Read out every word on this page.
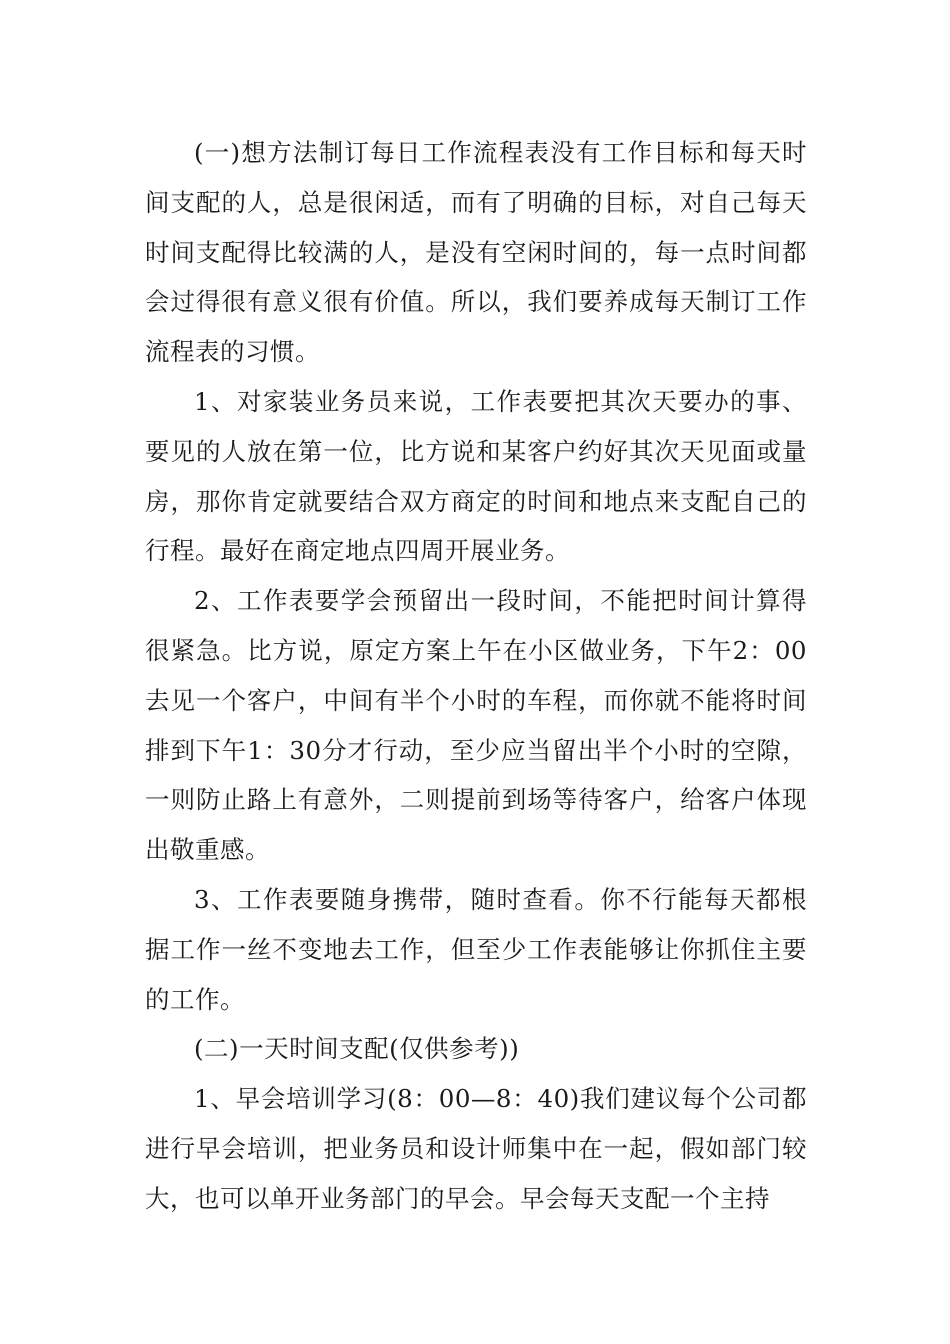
(一)想方法制订每日工作流程表没有工作目标和每天时间支配的人，总是很闲适，而有了明确的目标，对自己每天时间支配得比较满的人，是没有空闲时间的，每一点时间都会过得很有意义很有价值。所以，我们要养成每天制订工作流程表的习惯。

1、对家装业务员来说，工作表要把其次天要办的事、要见的人放在第一位，比方说和某客户约好其次天见面或量房，那你肯定就要结合双方商定的时间和地点来支配自己的行程。最好在商定地点四周开展业务。

2、工作表要学会预留出一段时间，不能把时间计算得很紧急。比方说，原定方案上午在小区做业务，下午2：00去见一个客户，中间有半个小时的车程，而你就不能将时间排到下午1：30分才行动，至少应当留出半个小时的空隙，一则防止路上有意外，二则提前到场等待客户，给客户体现出敬重感。

3、工作表要随身携带，随时查看。你不行能每天都根据工作一丝不变地去工作，但至少工作表能够让你抓住主要的工作。

(二)一天时间支配(仅供参考))

1、早会培训学习(8：00—8：40)我们建议每个公司都进行早会培训，把业务员和设计师集中在一起，假如部门较大，也可以单开业务部门的早会。早会每天支配一个主持
